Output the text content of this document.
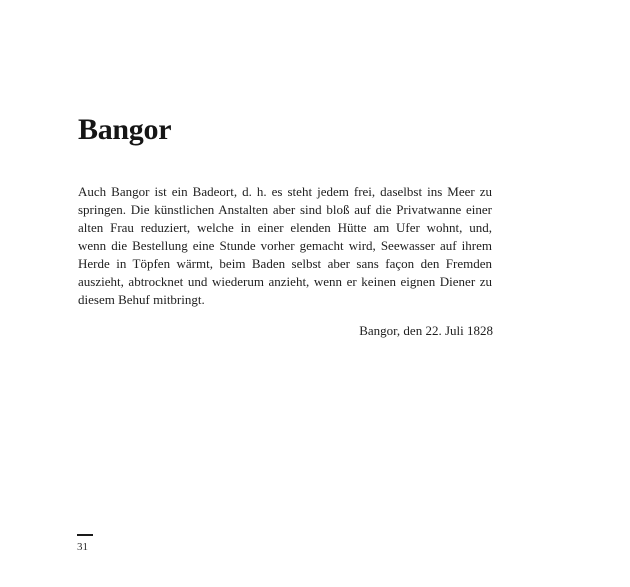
Bangor
Auch Bangor ist ein Badeort, d. h. es steht jedem frei, daselbst ins Meer zu
springen. Die künstlichen Anstalten aber sind bloß auf die Privatwanne einer
alten Frau reduziert, welche in einer elenden Hütte am Ufer wohnt, und,
wenn die Bestellung eine Stunde vorher gemacht wird, Seewasser auf ihrem
Herde in Töpfen wärmt, beim Baden selbst aber sans façon den Fremden
auszieht, abtrocknet und wiederum anzieht, wenn er keinen eignen Diener zu
diesem Behuf mitbringt.
Bangor, den 22. Juli 1828
31
